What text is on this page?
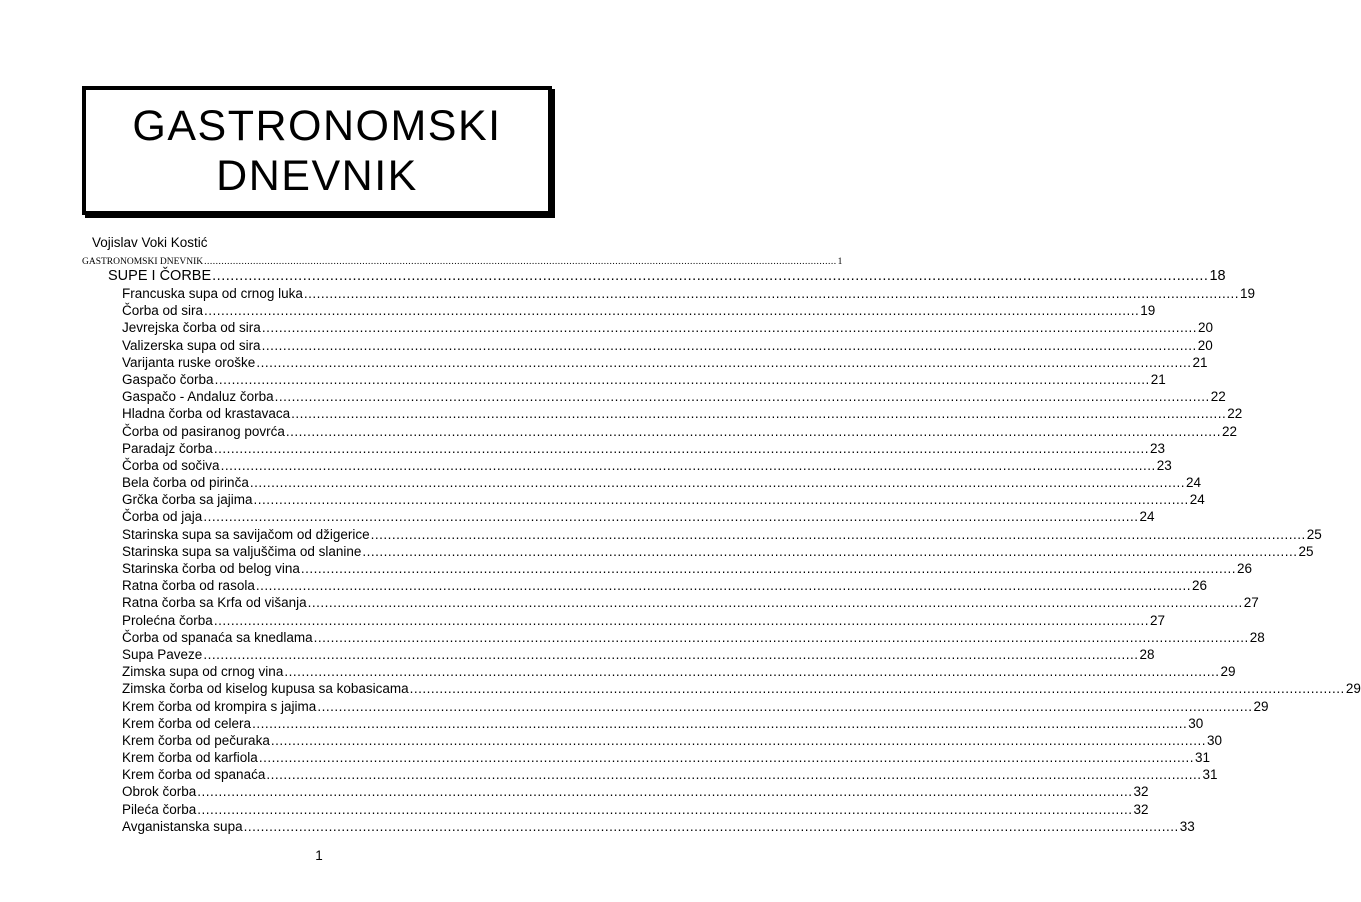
GASTRONOMSKI
DNEVNIK
Vojislav Voki Kostić
GASTRONOMSKI DNEVNIK ............................................................................................................................................................................................................................ 1
SUPE I ČORBE ............................................................................................................................................................................................................................ 18
Francuska supa od crnog luka ............................................................................................................................................................................................................................ 19
Čorba od sira ............................................................................................................................................................................................................................ 19
Jevrejska čorba od sira ............................................................................................................................................................................................................................ 20
Valizerska supa od sira ............................................................................................................................................................................................................................ 20
Varijanta ruske oroške ............................................................................................................................................................................................................................ 21
Gaspačo čorba ............................................................................................................................................................................................................................ 21
Gaspačo - Andaluz čorba ............................................................................................................................................................................................................................ 22
Hladna čorba od krastavaca ............................................................................................................................................................................................................................ 22
Čorba od pasiranog povrća ............................................................................................................................................................................................................................ 22
Paradajz čorba ............................................................................................................................................................................................................................ 23
Čorba od sočiva ............................................................................................................................................................................................................................ 23
Bela čorba od pirinča ............................................................................................................................................................................................................................ 24
Grčka čorba sa jajima ............................................................................................................................................................................................................................ 24
Čorba od jaja ............................................................................................................................................................................................................................ 24
Starinska supa sa savijačom od džigerice ............................................................................................................................................................................................................................ 25
Starinska supa sa valjuščima od slanine ............................................................................................................................................................................................................................ 25
Starinska čorba od belog vina ............................................................................................................................................................................................................................ 26
Ratna čorba od rasola ............................................................................................................................................................................................................................ 26
Ratna čorba sa Krfa od višanja ............................................................................................................................................................................................................................ 27
Prolećna čorba ............................................................................................................................................................................................................................ 27
Čorba od spanaća sa knedlama ............................................................................................................................................................................................................................ 28
Supa Paveze ............................................................................................................................................................................................................................ 28
Zimska supa od crnog vina ............................................................................................................................................................................................................................ 29
Zimska čorba od kiselog kupusa sa kobasicama ............................................................................................................................................................................................................................ 29
Krem čorba od krompira s jajima ............................................................................................................................................................................................................................ 29
Krem čorba od celera ............................................................................................................................................................................................................................ 30
Krem čorba od pečuraka ............................................................................................................................................................................................................................ 30
Krem čorba od karfiola ............................................................................................................................................................................................................................ 31
Krem čorba od spanaća ............................................................................................................................................................................................................................ 31
Obrok čorba ............................................................................................................................................................................................................................ 32
Pileća čorba ............................................................................................................................................................................................................................ 32
Avganistanska supa ............................................................................................................................................................................................................................ 33
1
